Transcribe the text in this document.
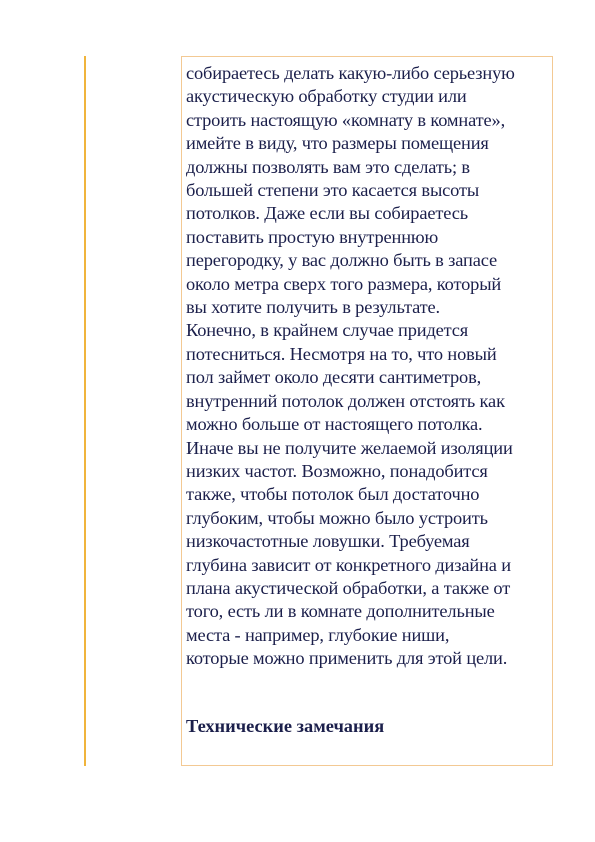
собираетесь делать какую-либо серьезную
акустическую обработку студии или
строить настоящую «комнату в комнате»,
имейте в виду, что размеры помещения
должны позволять вам это сделать; в
большей степени это касается высоты
потолков. Даже если вы собираетесь
поставить простую внутреннюю
перегородку, у вас должно быть в запасе
около метра сверх того размера, который
вы хотите получить в результате.
Конечно, в крайнем случае придется
потесниться. Несмотря на то, что новый
пол займет около десяти сантиметров,
внутренний потолок должен отстоять как
можно больше от настоящего потолка.
Иначе вы не получите желаемой изоляции
низких частот. Возможно, понадобится
также, чтобы потолок был достаточно
глубоким, чтобы можно было устроить
низкочастотные ловушки. Требуемая
глубина зависит от конкретного дизайна и
плана акустической обработки, а также от
того, есть ли в комнате дополнительные
места - например, глубокие ниши,
которые можно применить для этой цели.

Технические замечания
